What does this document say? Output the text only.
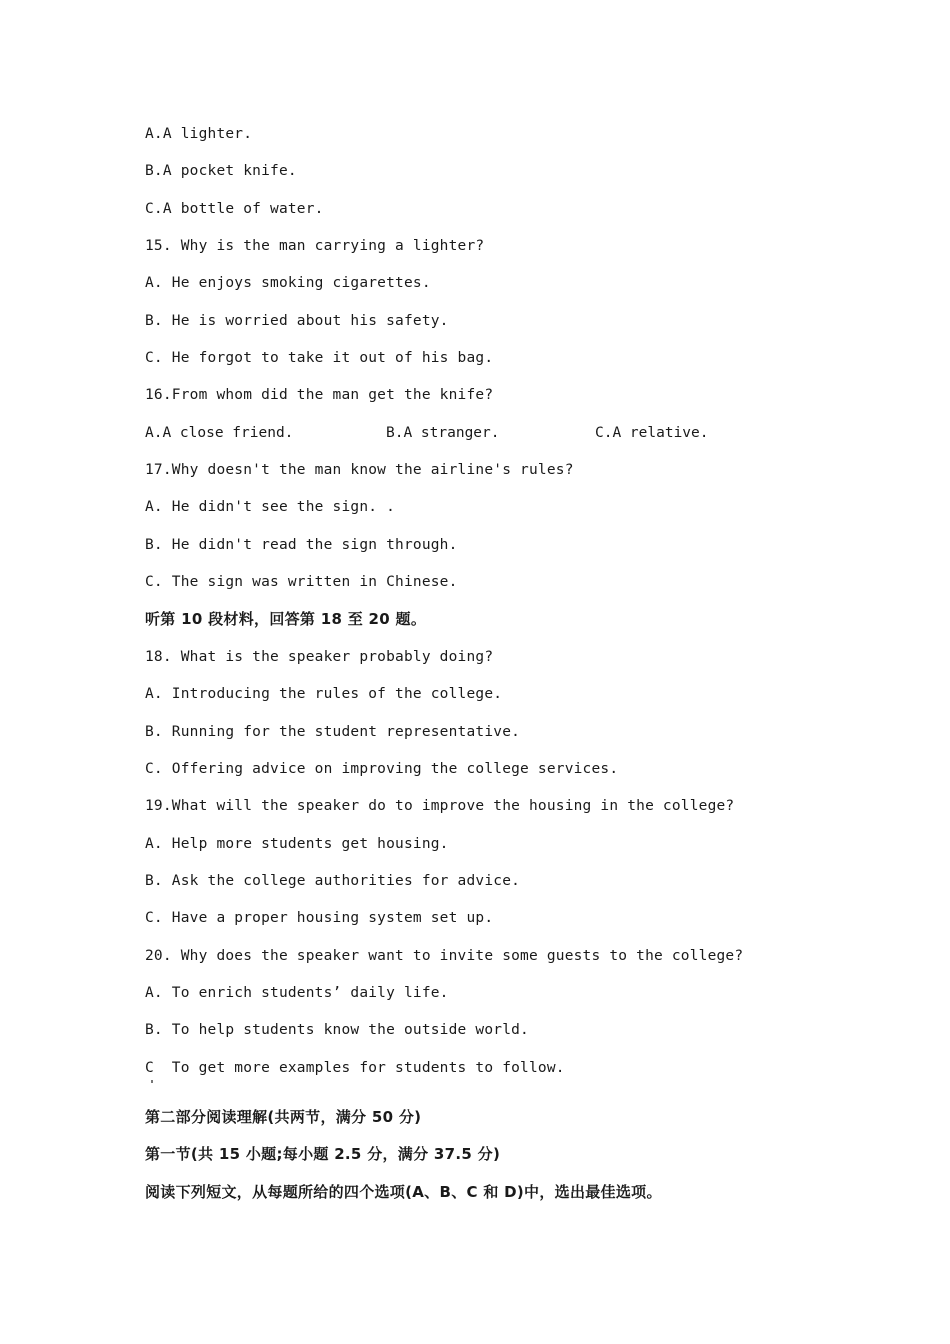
A.A lighter.
B.A pocket knife.
C.A bottle of water.
15. Why is the man carrying a lighter?
A. He enjoys smoking cigarettes.
B. He is worried about his safety.
C. He forgot to take it out of his bag.
16.From whom did the man get the knife?

A.A close friend.

	B.A stranger.

	C.A relative.

17.Why doesn't the man know the airline's rules?
A. He didn't see the sign. .
B. He didn't read the sign through.
C. The sign was written in Chinese.
听第 10 段材料，回答第 18 至 20 题。
18. What is the speaker probably doing?
A. Introducing the rules of the college.
B. Running for the student representative.
C. Offering advice on improving the college services.
19.What will the speaker do to improve the housing in the college?
A. Help more students get housing.
B. Ask the college authorities for advice.
C. Have a proper housing system set up.
20. Why does the speaker want to invite some guests to the college?
A. To enrich students’ daily life.
B. To help students know the outside world.
C  To get more examples for students to follow.
第二部分阅读理解(共两节，满分 50 分)
第一节(共 15 小题;每小题 2.5 分，满分 37.5 分)
阅读下列短文，从每题所给的四个选项(A、B、C 和 D)中，选出最佳选项。
